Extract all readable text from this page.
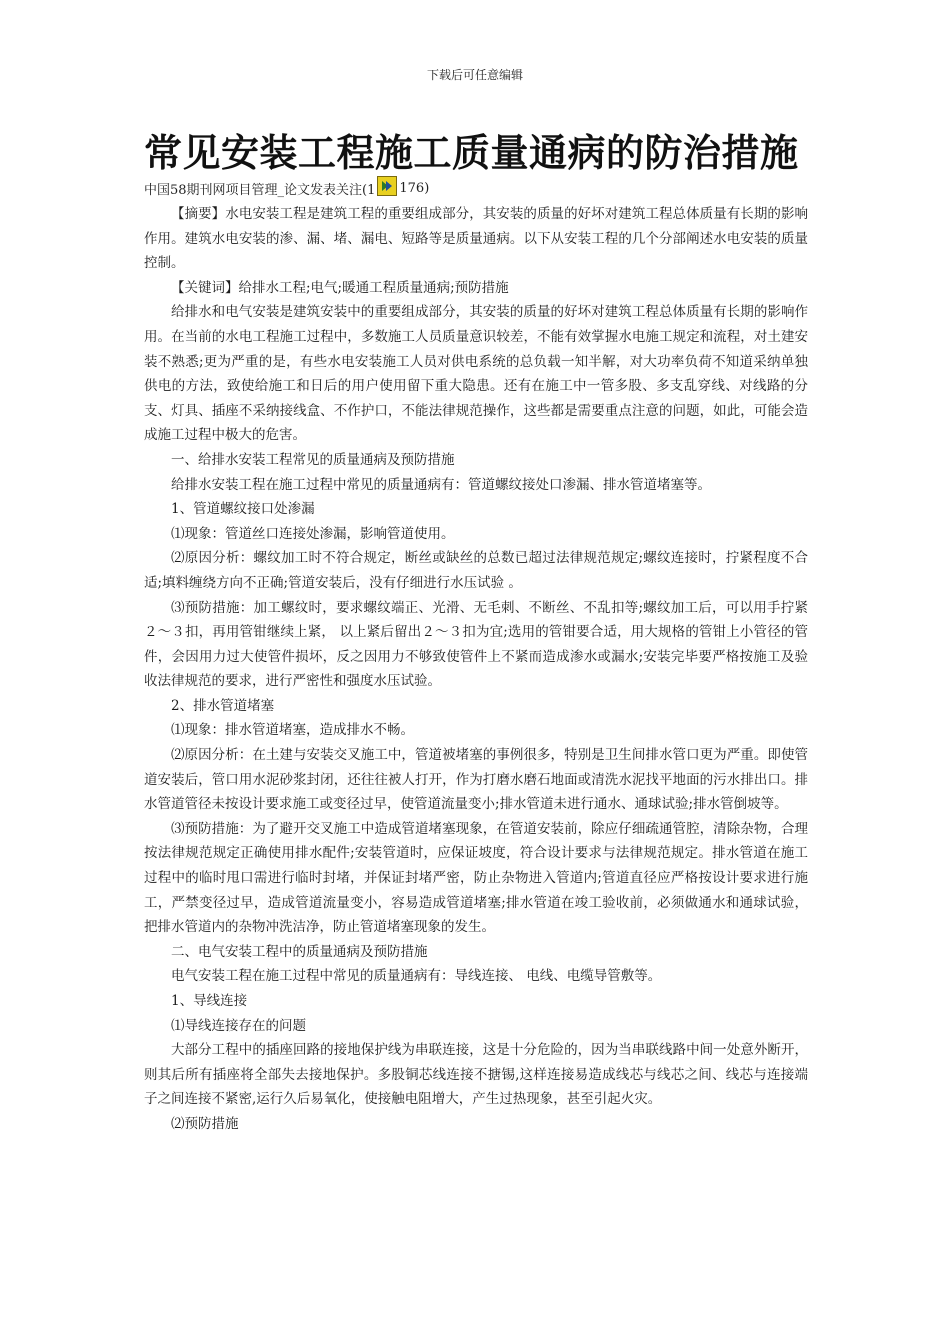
下载后可任意编辑
常见安装工程施工质量通病的防治措施
中国58期刊网项目管理_论文发表关注(1 176)

【摘要】水电安装工程是建筑工程的重要组成部分，其安装的质量的好坏对建筑工程总体质量有长期的影响作用。建筑水电安装的渗、漏、堵、漏电、短路等是质量通病。以下从安装工程的几个分部阐述水电安装的质量控制。

【关键词】给排水工程;电气;暖通工程质量通病;预防措施

给排水和电气安装是建筑安装中的重要组成部分，其安装的质量的好坏对建筑工程总体质量有长期的影响作用。在当前的水电工程施工过程中，多数施工人员质量意识较差，不能有效掌握水电施工规定和流程，对土建安装不熟悉;更为严重的是，有些水电安装施工人员对供电系统的总负载一知半解，对大功率负荷不知道采纳单独供电的方法，致使给施工和日后的用户使用留下重大隐患。还有在施工中一管多股、多支乱穿线、对线路的分支、灯具、插座不采纳接线盒、不作护口，不能法律规范操作，这些都是需要重点注意的问题，如此，可能会造成施工过程中极大的危害。

一、给排水安装工程常见的质量通病及预防措施

给排水安装工程在施工过程中常见的质量通病有：管道螺纹接处口渗漏、排水管道堵塞等。

1、管道螺纹接口处渗漏

⑴现象：管道丝口连接处渗漏，影响管道使用。

⑵原因分析：螺纹加工时不符合规定，断丝或缺丝的总数已超过法律规范规定;螺纹连接时，拧紧程度不合适;填料缠绕方向不正确;管道安装后，没有仔细进行水压试验 。

⑶预防措施：加工螺纹时，要求螺纹端正、光滑、无毛刺、不断丝、不乱扣等;螺纹加工后，可以用手拧紧２～３扣，再用管钳继续上紧， 以上紧后留出２～３扣为宜;选用的管钳要合适，用大规格的管钳上小管径的管件，会因用力过大使管件损坏，反之因用力不够致使管件上不紧而造成渗水或漏水;安装完毕要严格按施工及验收法律规范的要求，进行严密性和强度水压试验。

2、排水管道堵塞

⑴现象：排水管道堵塞，造成排水不畅。

⑵原因分析：在土建与安装交叉施工中，管道被堵塞的事例很多，特别是卫生间排水管口更为严重。即使管道安装后，管口用水泥砂浆封闭，还往往被人打开，作为打磨水磨石地面或清洗水泥找平地面的污水排出口。排水管道管径未按设计要求施工或变径过早，使管道流量变小;排水管道未进行通水、通球试验;排水管倒坡等。

⑶预防措施：为了避开交叉施工中造成管道堵塞现象，在管道安装前，除应仔细疏通管腔，清除杂物，合理按法律规范规定正确使用排水配件;安装管道时，应保证坡度，符合设计要求与法律规范规定。排水管道在施工过程中的临时甩口需进行临时封堵，并保证封堵严密，防止杂物进入管道内;管道直径应严格按设计要求进行施工，严禁变径过早，造成管道流量变小，容易造成管道堵塞;排水管道在竣工验收前，必须做通水和通球试验，把排水管道内的杂物冲洗洁净，防止管道堵塞现象的发生。

二、电气安装工程中的质量通病及预防措施

电气安装工程在施工过程中常见的质量通病有：导线连接、 电线、电缆导管敷等。

1、导线连接

⑴导线连接存在的问题

大部分工程中的插座回路的接地保护线为串联连接，这是十分危险的，因为当串联线路中间一处意外断开，则其后所有插座将全部失去接地保护。多股铜芯线连接不搪锡,这样连接易造成线芯与线芯之间、线芯与连接端子之间连接不紧密,运行久后易氧化，使接触电阻增大，产生过热现象，甚至引起火灾。

⑵预防措施
